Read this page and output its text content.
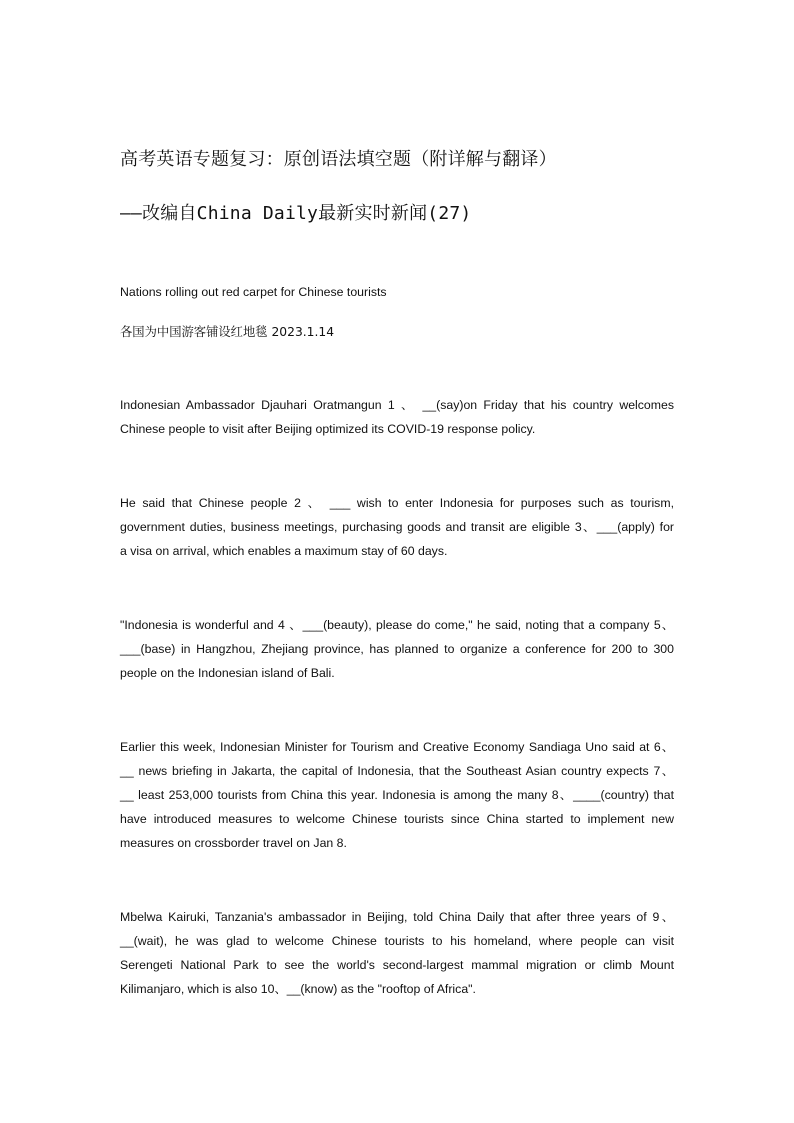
高考英语专题复习：原创语法填空题（附详解与翻译）
——改编自China Daily最新实时新闻(27)
Nations rolling out red carpet for Chinese tourists
各国为中国游客铺设红地毯 2023.1.14
Indonesian Ambassador Djauhari Oratmangun 1 、 __(say)on Friday that his country welcomes
Chinese people to visit after Beijing optimized its COVID-19 response policy.
He said that Chinese people 2 、 ___ wish to enter Indonesia for purposes such as tourism,
government duties, business meetings, purchasing goods and transit are eligible 3、___(apply) for
a visa on arrival, which enables a maximum stay of 60 days.
"Indonesia is wonderful and 4 、___(beauty), please do come," he said, noting that a company 5、
___(base) in Hangzhou, Zhejiang province, has planned to organize a conference for 200 to 300
people on the Indonesian island of Bali.
Earlier this week, Indonesian Minister for Tourism and Creative Economy Sandiaga Uno said at 6、
__ news briefing in Jakarta, the capital of Indonesia, that the Southeast Asian country expects 7、
__ least 253,000 tourists from China this year. Indonesia is among the many 8、____(country) that
have introduced measures to welcome Chinese tourists since China started to implement new
measures on crossborder travel on Jan 8.
Mbelwa Kairuki, Tanzania's ambassador in Beijing, told China Daily that after three years of 9、
__(wait), he was glad to welcome Chinese tourists to his homeland, where people can visit
Serengeti National Park to see the world's second-largest mammal migration or climb Mount
Kilimanjaro, which is also 10、__(know) as the "rooftop of Africa".
